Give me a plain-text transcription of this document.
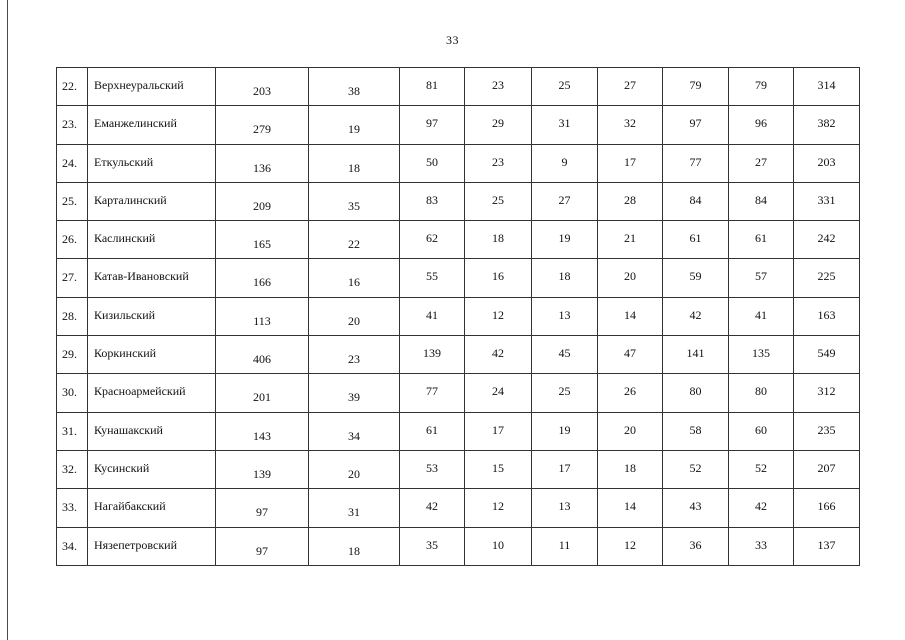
33
22.	Верхнеуральский	203	38	81	23	25	27	79	79	314

23.	Еманжелинский	279	19	97	29	31	32	97	96	382

24.	Еткульский	136	18	50	23	9	17	77	27	203

25.	Карталинский	209	35	83	25	27	28	84	84	331

26.	Каслинский	165	22	62	18	19	21	61	61	242

27.	Катав-Ивановский	166	16	55	16	18	20	59	57	225

28.	Кизильский	113	20	41	12	13	14	42	41	163

29.	Коркинский	406	23	139	42	45	47	141	135	549

30.	Красноармейский	201	39	77	24	25	26	80	80	312

31.	Кунашакский	143	34	61	17	19	20	58	60	235

32.	Кусинский	139	20	53	15	17	18	52	52	207

33.	Нагайбакский	97	31	42	12	13	14	43	42	166

34.	Нязепетровский	97	18	35	10	11	12	36	33	137
